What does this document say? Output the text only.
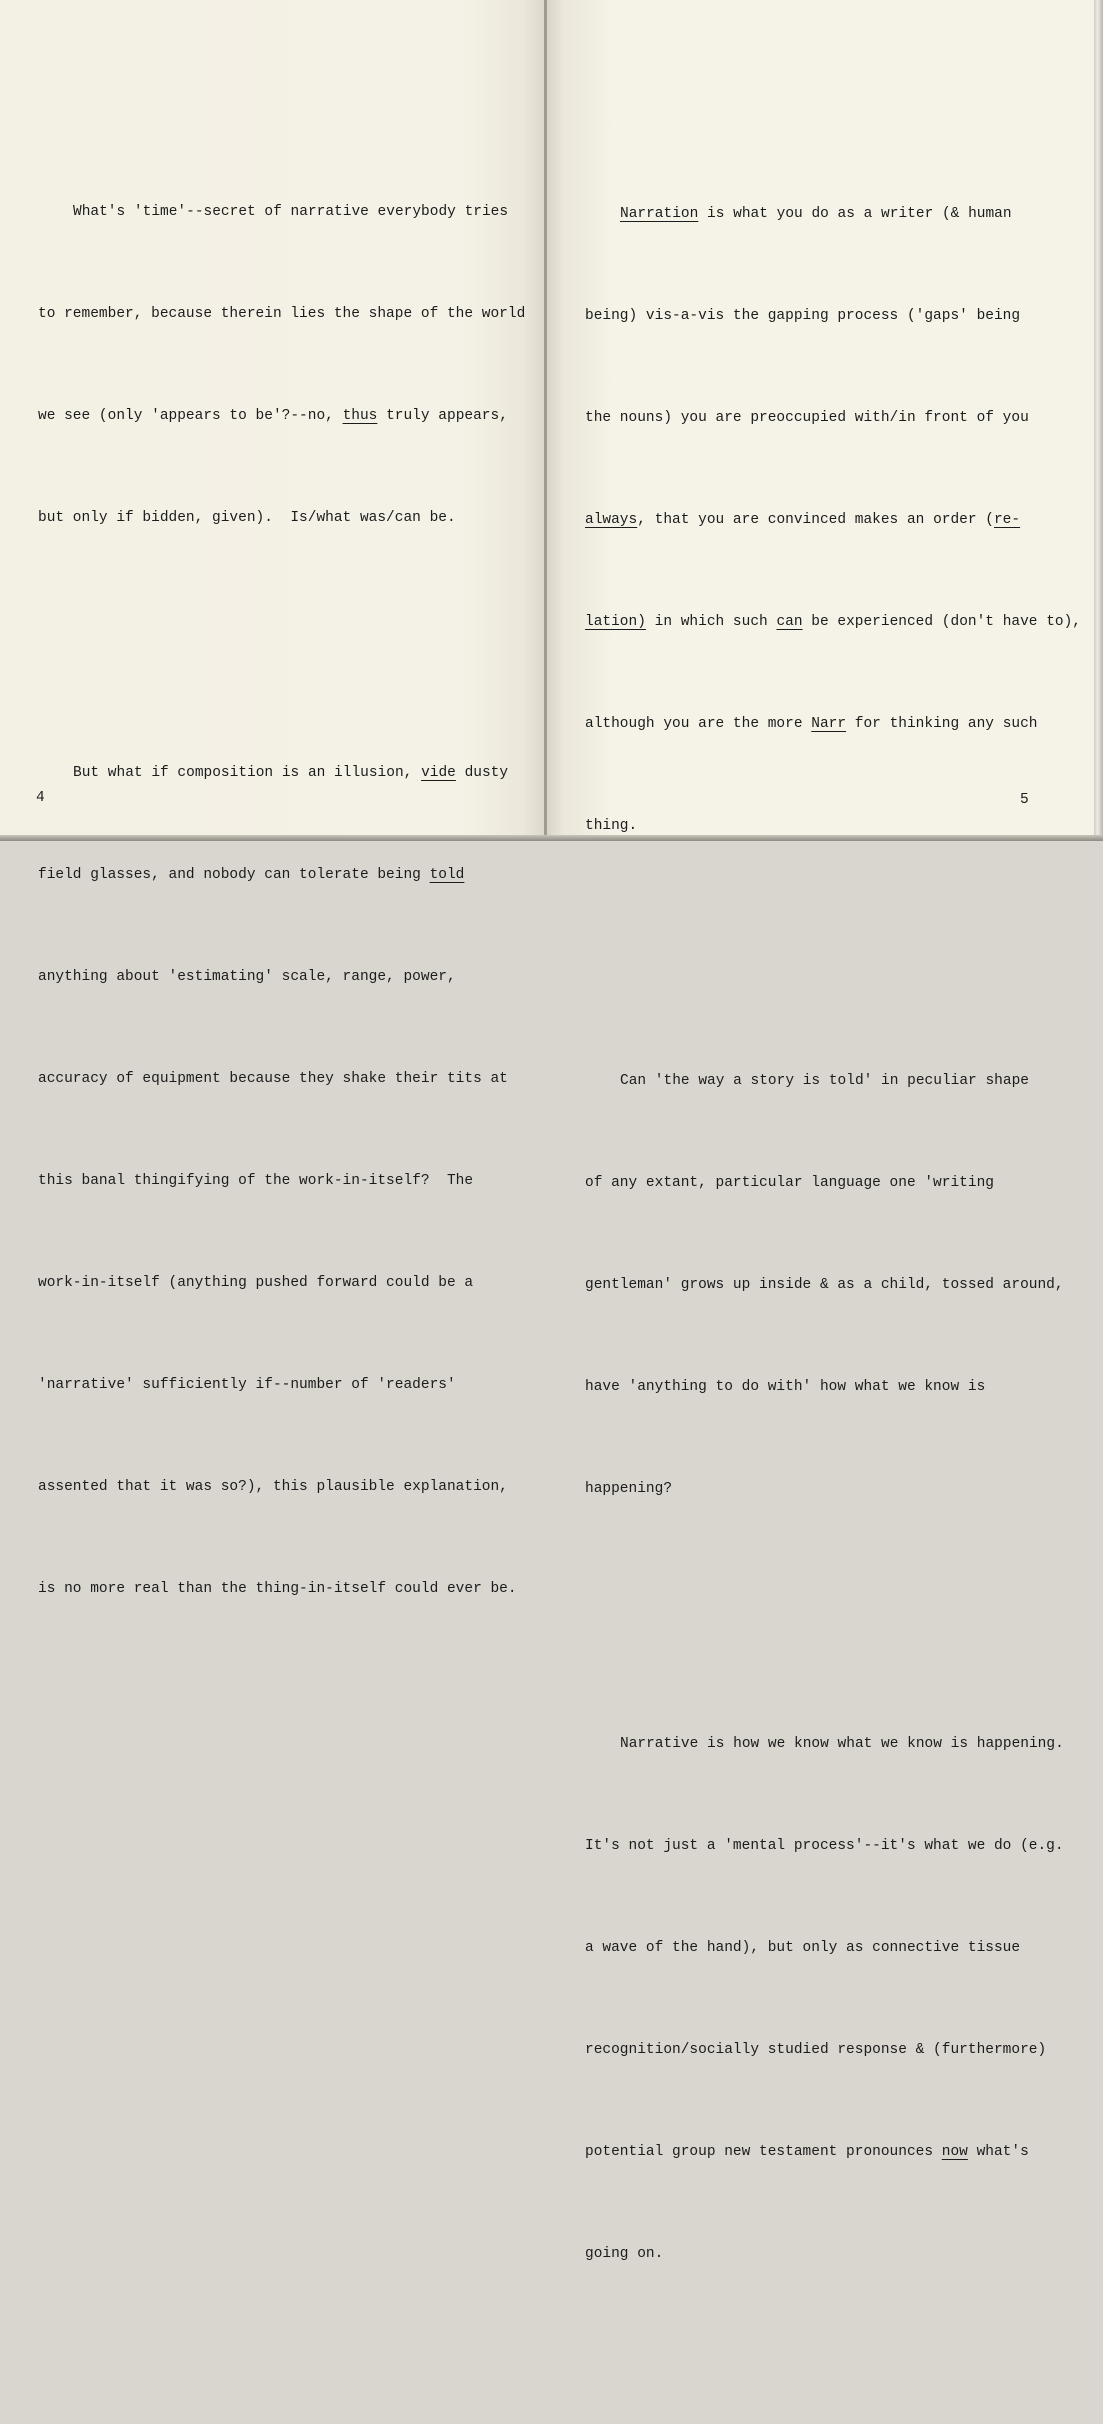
What's 'time'--secret of narrative everybody tries

to remember, because therein lies the shape of the world

we see (only 'appears to be'?--no, thus truly appears,

but only if bidden, given).  Is/what was/can be.

But what if composition is an illusion, vide dusty

field glasses, and nobody can tolerate being told

anything about 'estimating' scale, range, power,

accuracy of equipment because they shake their tits at

this banal thingifying of the work-in-itself?  The

work-in-itself (anything pushed forward could be a

'narrative' sufficiently if--number of 'readers'

assented that it was so?), this plausible explanation,

is no more real than the thing-in-itself could ever be.

4

Narration is what you do as a writer (& human

being) vis-a-vis the gapping process ('gaps' being

the nouns) you are preoccupied with/in front of you

always, that you are convinced makes an order (re-

lation) in which such can be experienced (don't have to),

although you are the more Narr for thinking any such

thing.

Can 'the way a story is told' in peculiar shape

of any extant, particular language one 'writing

gentleman' grows up inside & as a child, tossed around,

have 'anything to do with' how what we know is

happening?

Narrative is how we know what we know is happening.

It's not just a 'mental process'--it's what we do (e.g.

a wave of the hand), but only as connective tissue

recognition/socially studied response & (furthermore)

potential group new testament pronounces now what's

going on.

5
